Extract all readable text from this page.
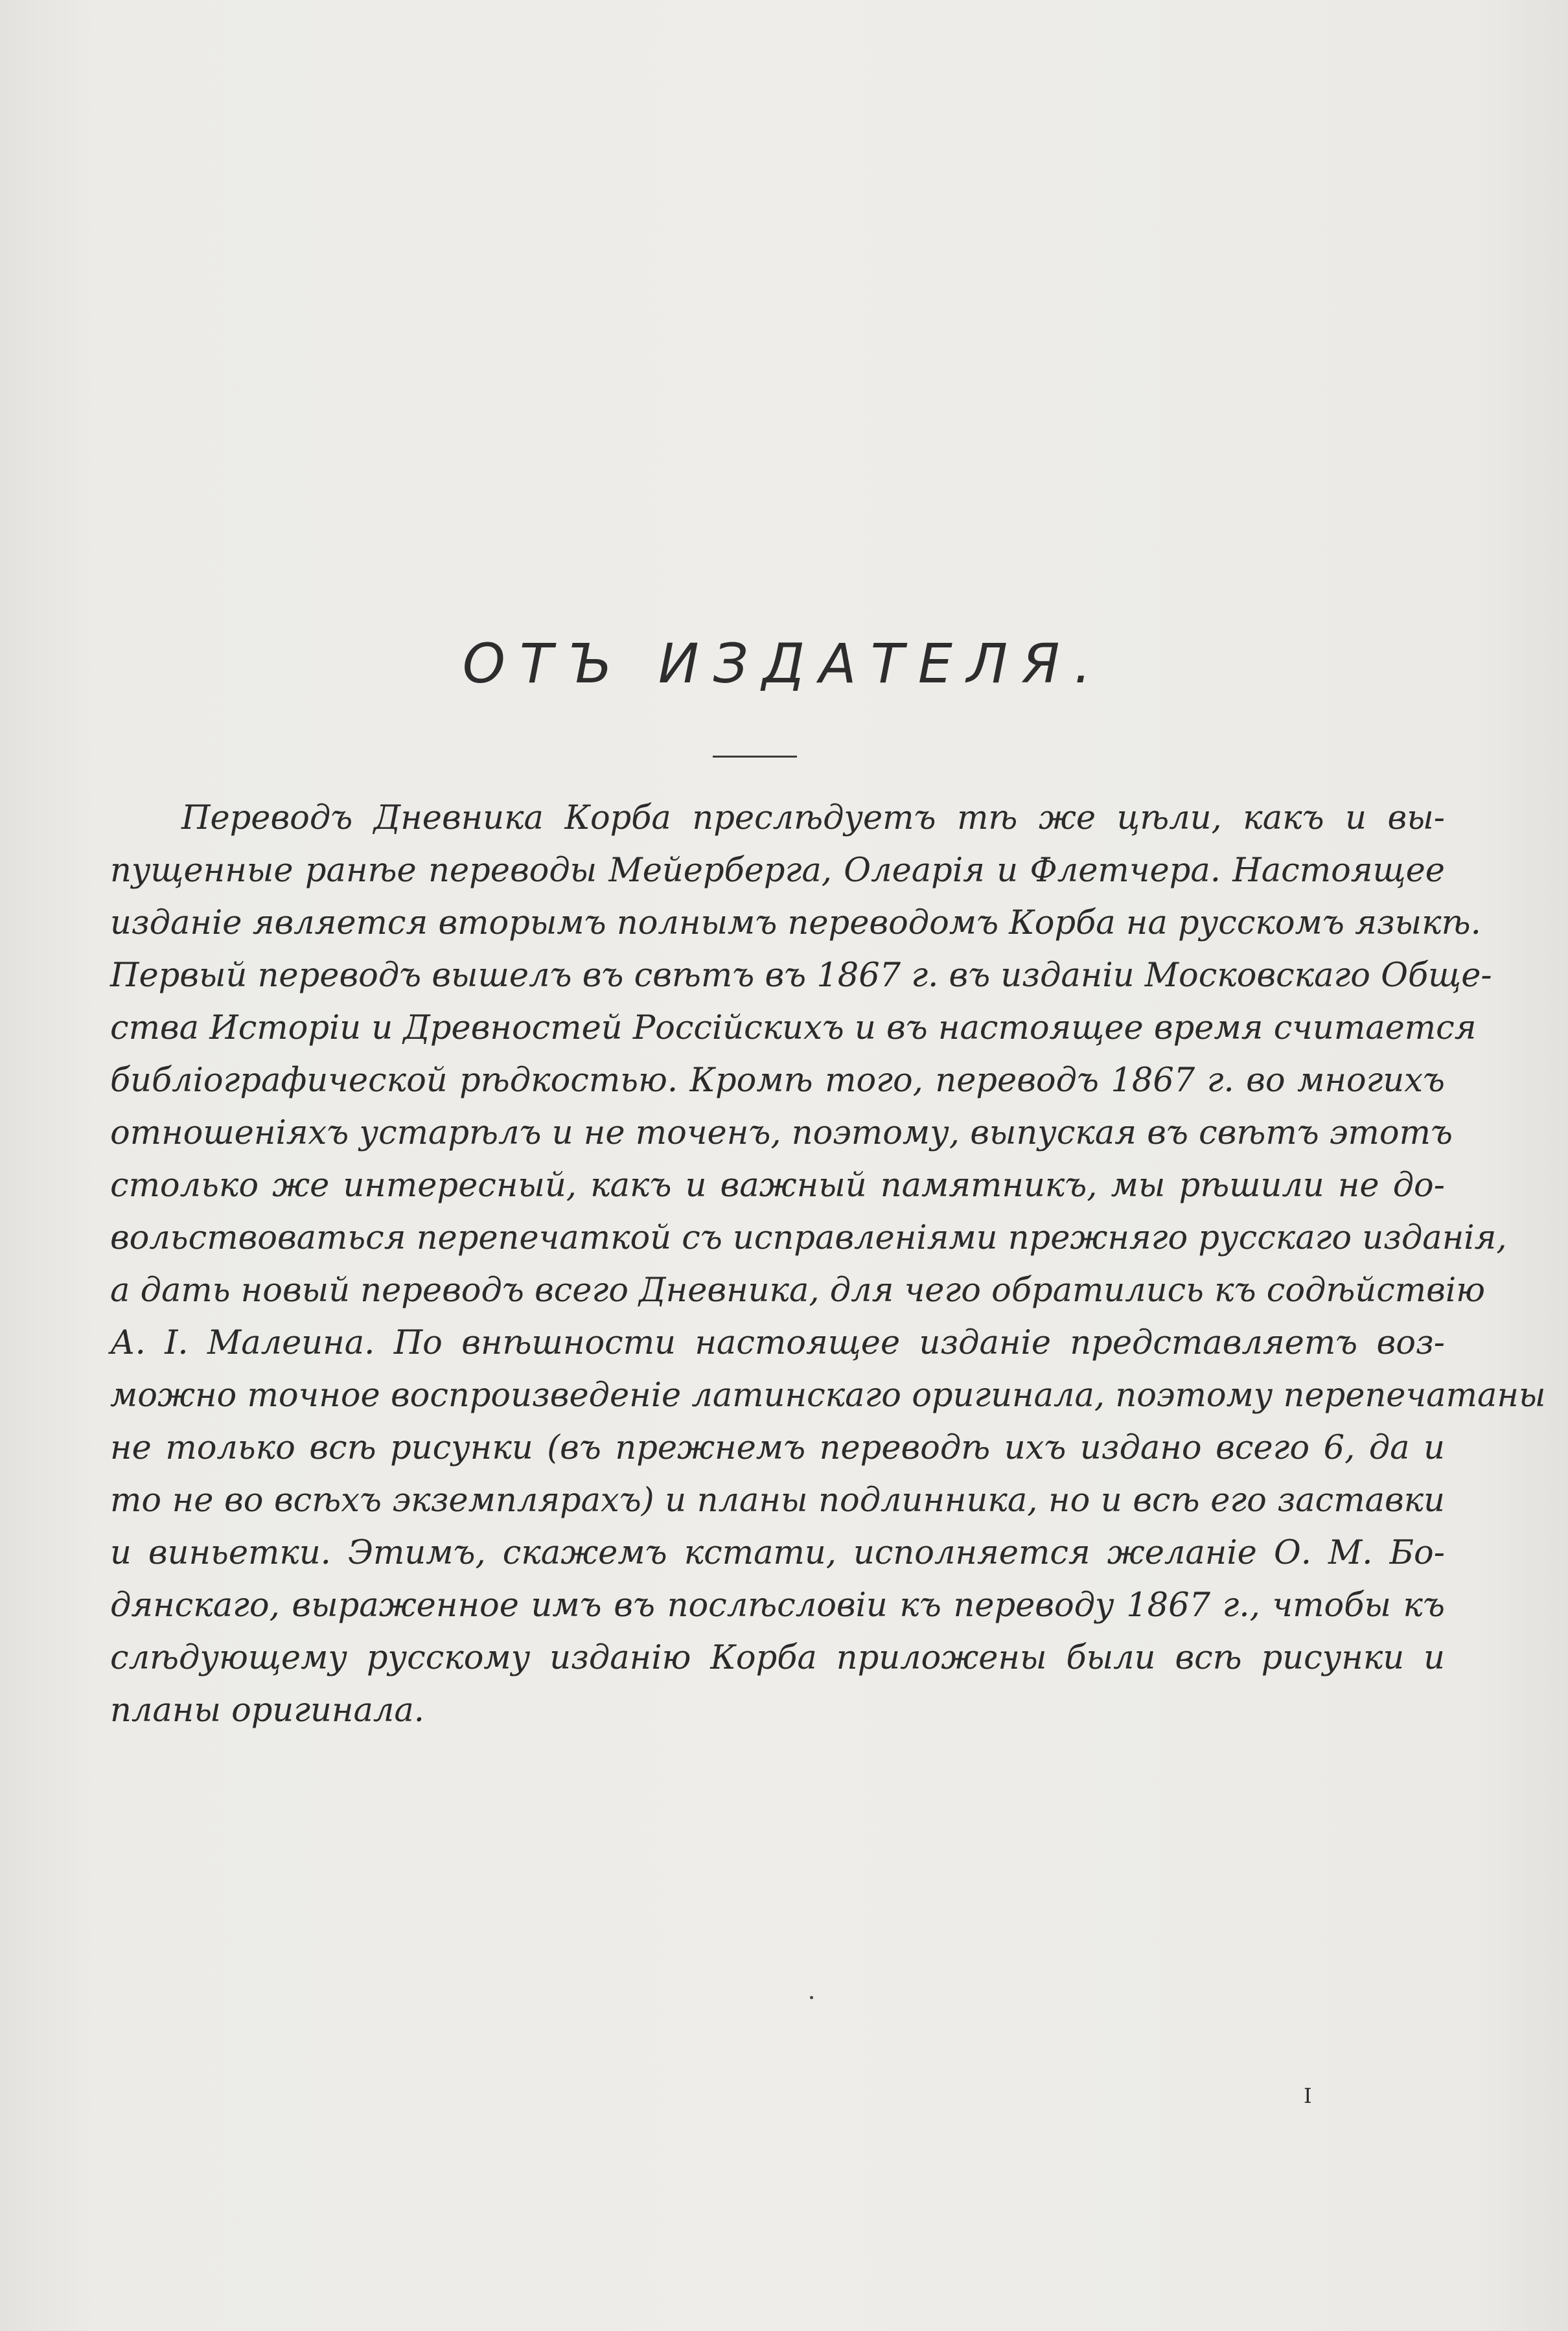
ОТЪ ИЗДАТЕЛЯ.
Переводъ Дневника Корба преслѣдуетъ тѣ же цѣли, какъ и вы-
пущенные ранѣе переводы Мейерберга, Олеарія и Флетчера. Настоящее
изданіе является вторымъ полнымъ переводомъ Корба на русскомъ языкѣ.
Первый переводъ вышелъ въ свѣтъ въ 1867 г. въ изданіи Московскаго Обще-
ства Исторіи и Древностей Россійскихъ и въ настоящее время считается
библіографической рѣдкостью. Кромѣ того, переводъ 1867 г. во многихъ
отношеніяхъ устарѣлъ и не точенъ, поэтому, выпуская въ свѣтъ этотъ
столько же интересный, какъ и важный памятникъ, мы рѣшили не до-
вольствоваться перепечаткой съ исправленіями прежняго русскаго изданія,
а дать новый переводъ всего Дневника, для чего обратились къ содѣйствію
А. І. Малеина. По внѣшности настоящее изданіе представляетъ воз-
можно точное воспроизведеніе латинскаго оригинала, поэтому перепечатаны
не только всѣ рисунки (въ прежнемъ переводѣ ихъ издано всего 6, да и
то не во всѣхъ экземплярахъ) и планы подлинника, но и всѣ его заставки
и виньетки. Этимъ, скажемъ кстати, исполняется желаніе О. М. Бо-
дянскаго, выраженное имъ въ послѣсловіи къ переводу 1867 г., чтобы къ
слѣдующему русскому изданію Корба приложены были всѣ рисунки и
планы оригинала.
I
